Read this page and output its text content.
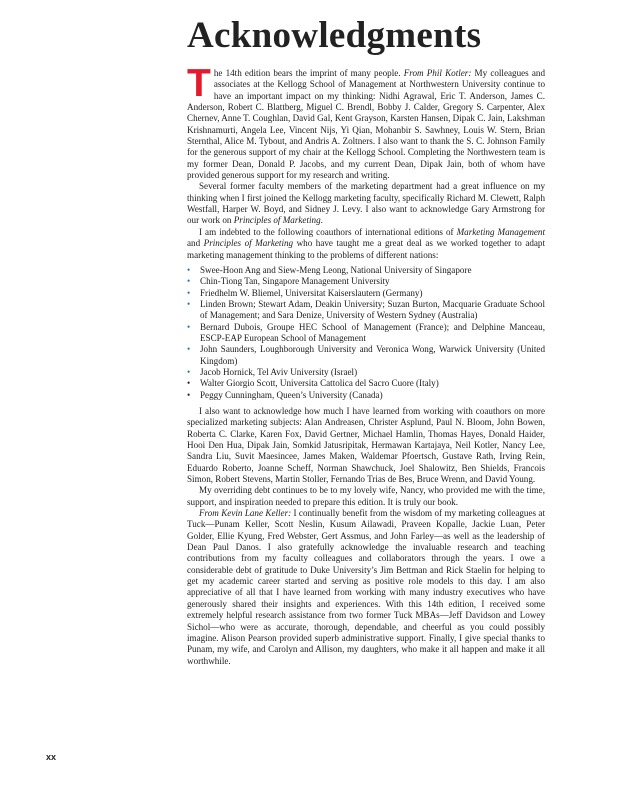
Acknowledgments

The 14th edition bears the imprint of many people. From Phil Kotler: My colleagues and associates at the Kellogg School of Management at Northwestern University continue to have an important impact on my thinking: Nidhi Agrawal, Eric T. Anderson, James C. Anderson, Robert C. Blattberg, Miguel C. Brendl, Bobby J. Calder, Gregory S. Carpenter, Alex Chernev, Anne T. Coughlan, David Gal, Kent Grayson, Karsten Hansen, Dipak C. Jain, Lakshman Krishnamurti, Angela Lee, Vincent Nijs, Yi Qian, Mohanbir S. Sawhney, Louis W. Stern, Brian Sternthal, Alice M. Tybout, and Andris A. Zoltners. I also want to thank the S. C. Johnson Family for the generous support of my chair at the Kellogg School. Completing the Northwestern team is my former Dean, Donald P. Jacobs, and my current Dean, Dipak Jain, both of whom have provided generous support for my research and writing.

Several former faculty members of the marketing department had a great influence on my thinking when I first joined the Kellogg marketing faculty, specifically Richard M. Clewett, Ralph Westfall, Harper W. Boyd, and Sidney J. Levy. I also want to acknowledge Gary Armstrong for our work on Principles of Marketing.

I am indebted to the following coauthors of international editions of Marketing Management and Principles of Marketing who have taught me a great deal as we worked together to adapt marketing management thinking to the problems of different nations:

• Swee-Hoon Ang and Siew-Meng Leong, National University of Singapore
• Chin-Tiong Tan, Singapore Management University
• Friedhelm W. Bliemel, Universitat Kaiserslautern (Germany)
• Linden Brown; Stewart Adam, Deakin University; Suzan Burton, Macquarie Graduate School of Management; and Sara Denize, University of Western Sydney (Australia)
• Bernard Dubois, Groupe HEC School of Management (France); and Delphine Manceau, ESCP-EAP European School of Management
• John Saunders, Loughborough University and Veronica Wong, Warwick University (United Kingdom)
• Jacob Hornick, Tel Aviv University (Israel)
• Walter Giorgio Scott, Universita Cattolica del Sacro Cuore (Italy)
• Peggy Cunningham, Queen’s University (Canada)

I also want to acknowledge how much I have learned from working with coauthors on more specialized marketing subjects: Alan Andreasen, Christer Asplund, Paul N. Bloom, John Bowen, Roberta C. Clarke, Karen Fox, David Gertner, Michael Hamlin, Thomas Hayes, Donald Haider, Hooi Den Hua, Dipak Jain, Somkid Jatusripitak, Hermawan Kartajaya, Neil Kotler, Nancy Lee, Sandra Liu, Suvit Maesincee, James Maken, Waldemar Pfoertsch, Gustave Rath, Irving Rein, Eduardo Roberto, Joanne Scheff, Norman Shawchuck, Joel Shalowitz, Ben Shields, Francois Simon, Robert Stevens, Martin Stoller, Fernando Trias de Bes, Bruce Wrenn, and David Young.

My overriding debt continues to be to my lovely wife, Nancy, who provided me with the time, support, and inspiration needed to prepare this edition. It is truly our book.

From Kevin Lane Keller: I continually benefit from the wisdom of my marketing colleagues at Tuck—Punam Keller, Scott Neslin, Kusum Ailawadi, Praveen Kopalle, Jackie Luan, Peter Golder, Ellie Kyung, Fred Webster, Gert Assmus, and John Farley—as well as the leadership of Dean Paul Danos. I also gratefully acknowledge the invaluable research and teaching contributions from my faculty colleagues and collaborators through the years. I owe a considerable debt of gratitude to Duke University’s Jim Bettman and Rick Staelin for helping to get my academic career started and serving as positive role models to this day. I am also appreciative of all that I have learned from working with many industry executives who have generously shared their insights and experiences. With this 14th edition, I received some extremely helpful research assistance from two former Tuck MBAs—Jeff Davidson and Lowey Sichol—who were as accurate, thorough, dependable, and cheerful as you could possibly imagine. Alison Pearson provided superb administrative support. Finally, I give special thanks to Punam, my wife, and Carolyn and Allison, my daughters, who make it all happen and make it all worthwhile.

xx
